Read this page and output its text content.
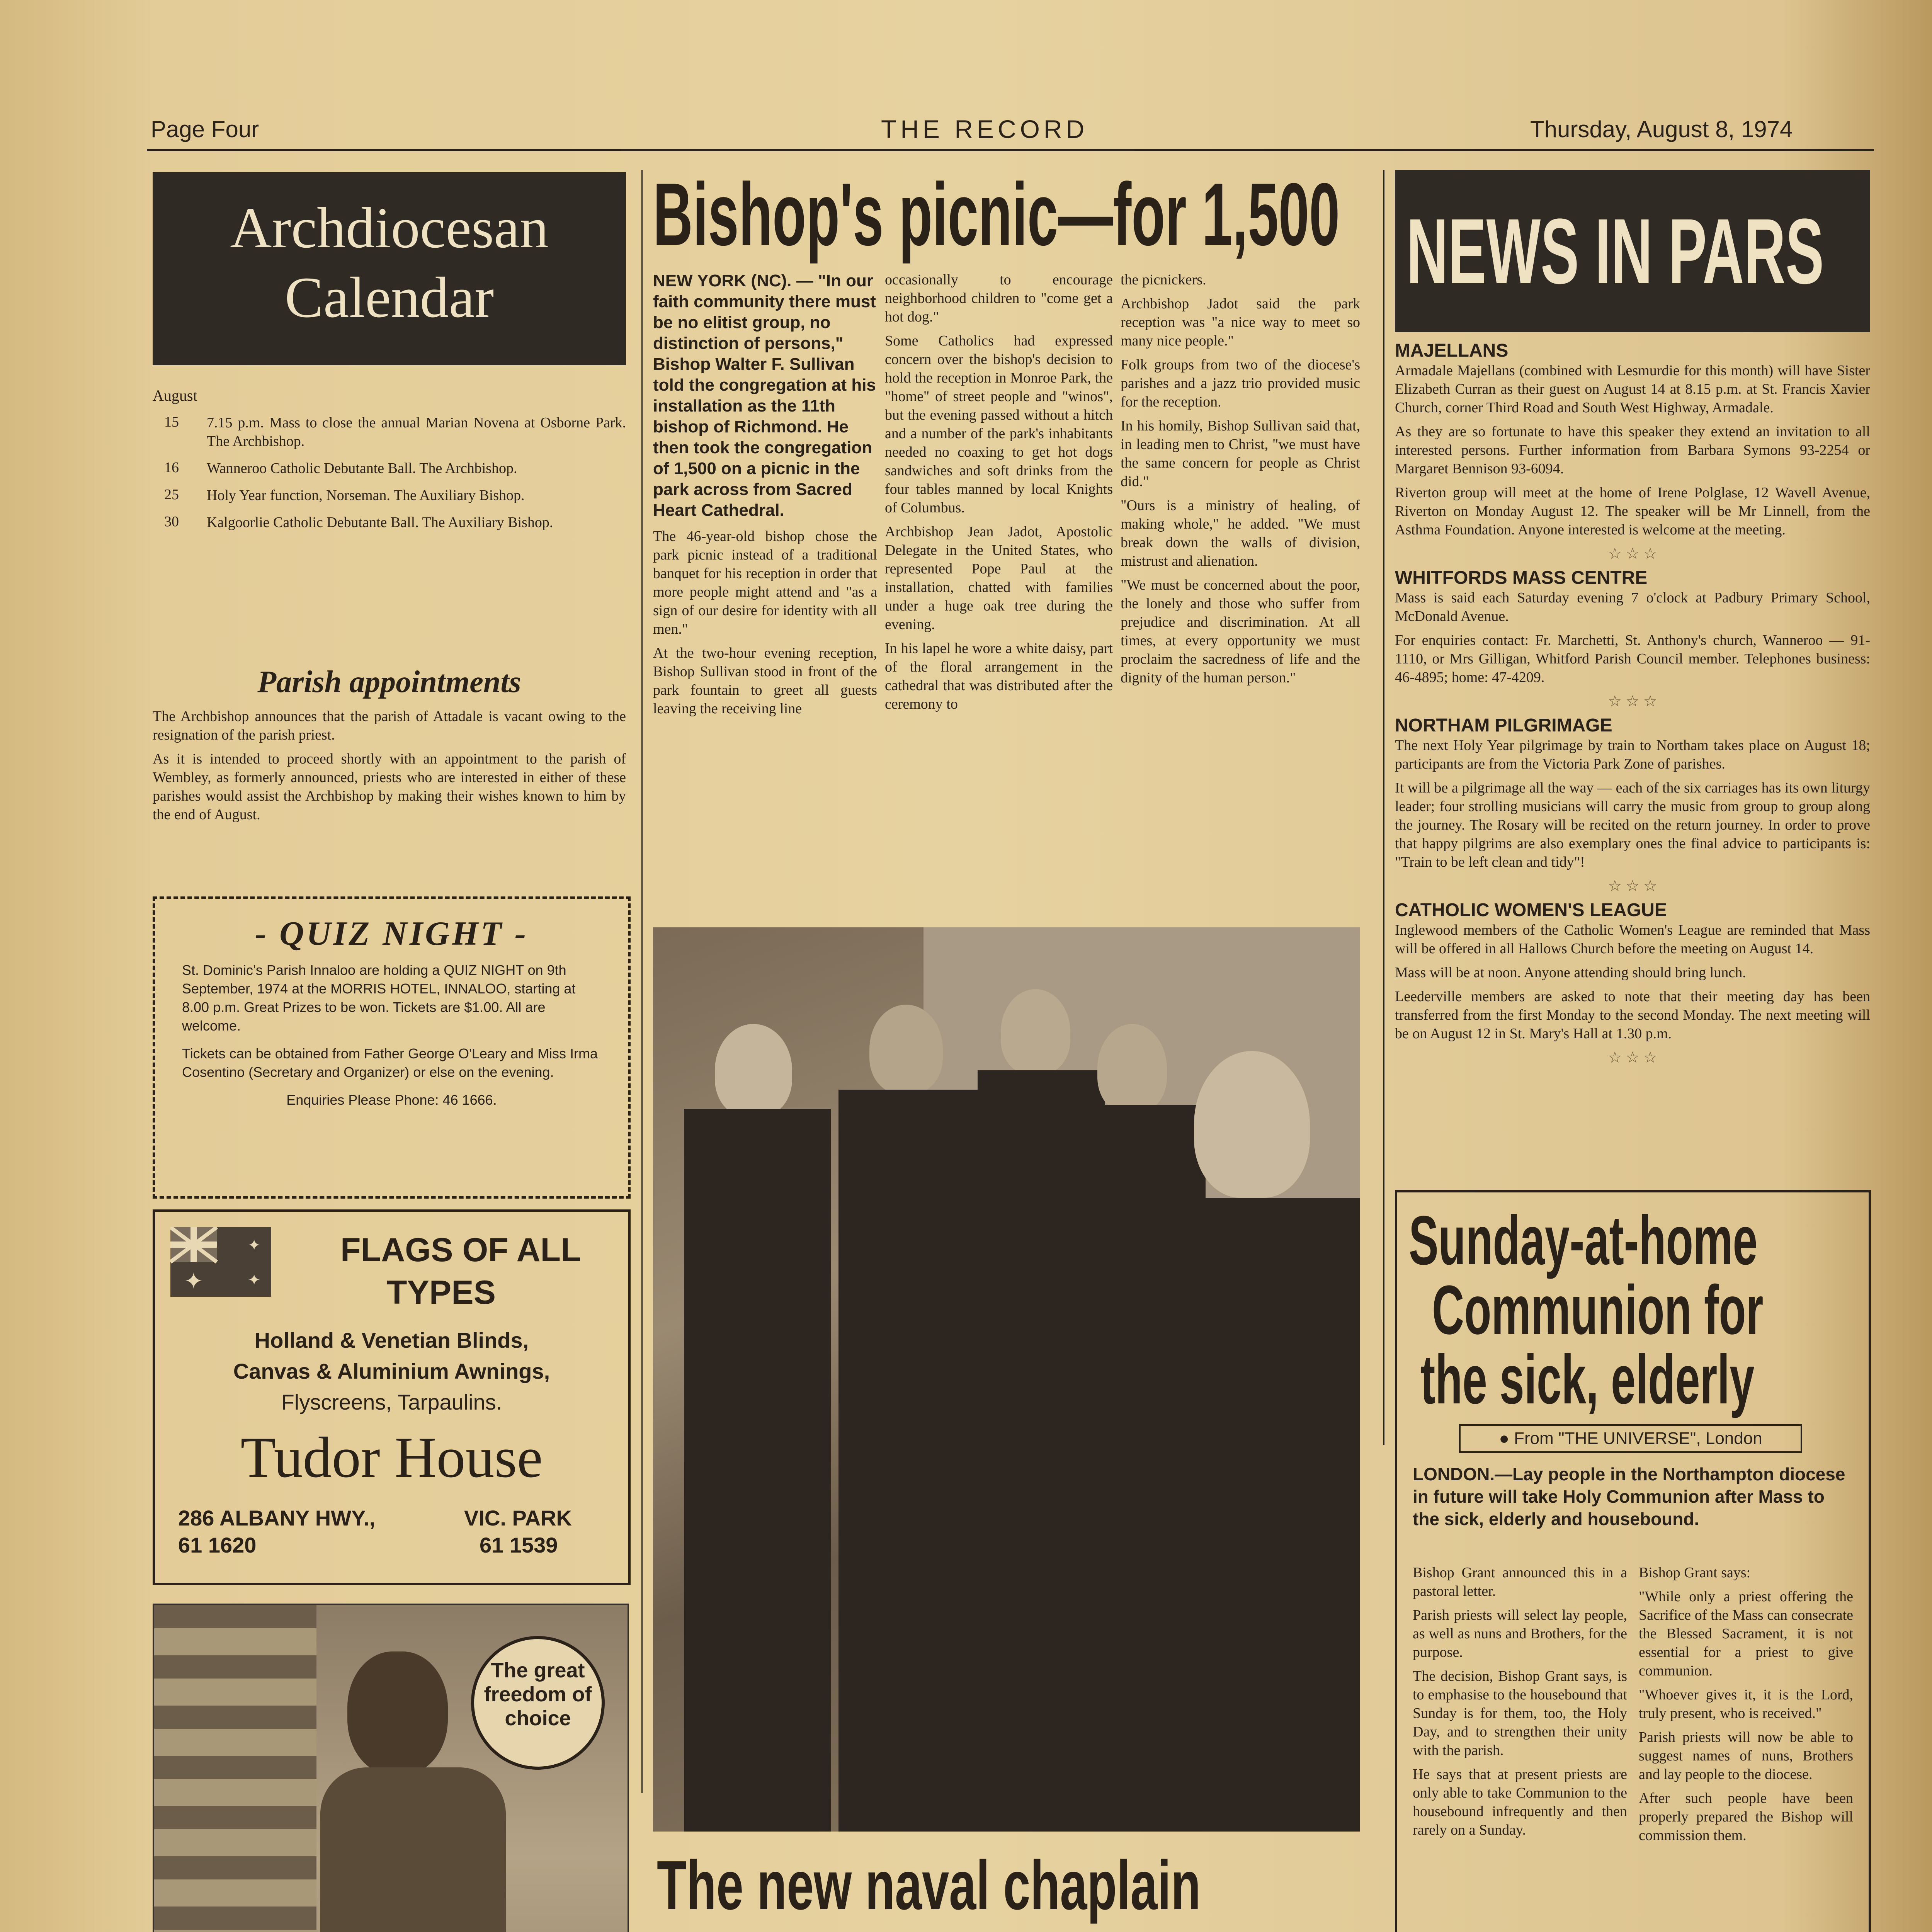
Page Four	THE RECORD	Thursday, August 8, 1974
Archdiocesan
Calendar
August
15	7.15 p.m. Mass to close the annual Marian Novena at Osborne Park. The Archbishop.
16	Wanneroo Catholic Debutante Ball. The Archbishop.
25	Holy Year function, Norseman. The Auxiliary Bishop.
30	Kalgoorlie Catholic Debutante Ball. The Auxiliary Bishop.
Parish appointments

The Archbishop announces that the parish of Attadale is vacant owing to the resignation of the parish priest.

As it is intended to proceed shortly with an appointment to the parish of Wembley, as formerly announced, priests who are interested in either of these parishes would assist the Archbishop by making their wishes known to him by the end of August.

- QUIZ NIGHT -

St. Dominic's Parish Innaloo are holding a QUIZ NIGHT on 9th September, 1974 at the MORRIS HOTEL, INNALOO, starting at 8.00 p.m. Great Prizes to be won. Tickets are $1.00. All are welcome.

Tickets can be obtained from Father George O'Leary and Miss Irma Cosentino (Secretary and Organizer) or else on the evening.

Enquiries Please Phone: 46 1666.

✦
✦
✦
FLAGS OF ALL
TYPES
Holland & Venetian Blinds,
Canvas & Aluminium Awnings,
Flyscreens, Tarpaulins.
Tudor House
286 ALBANY HWY.,
61 1620
VIC. PARK
61 1539
The great
freedom of
choice
Bishop's picnic—for 1,500

NEW YORK (NC). — "In our faith community there must be no elitist group, no distinction of persons," Bishop Walter F. Sullivan told the congregation at his installation as the 11th bishop of Richmond. He then took the congregation of 1,500 on a picnic in the park across from Sacred Heart Cathedral.

The 46-year-old bishop chose the park picnic instead of a traditional banquet for his reception in order that more people might attend and "as a sign of our desire for identity with all men."

At the two-hour evening reception, Bishop Sullivan stood in front of the park fountain to greet all guests leaving the receiving line

occasionally to encourage neighborhood children to "come get a hot dog."

Some Catholics had expressed concern over the bishop's decision to hold the reception in Monroe Park, the "home" of street people and "winos", but the evening passed without a hitch and a number of the park's inhabitants needed no coaxing to get hot dogs sandwiches and soft drinks from the four tables manned by local Knights of Columbus.

Archbishop Jean Jadot, Apostolic Delegate in the United States, who represented Pope Paul at the installation, chatted with families under a huge oak tree during the evening.

In his lapel he wore a white daisy, part of the floral arrangement in the cathedral that was distributed after the ceremony to

the picnickers.

Archbishop Jadot said the park reception was "a nice way to meet so many nice people."

Folk groups from two of the diocese's parishes and a jazz trio provided music for the reception.

In his homily, Bishop Sullivan said that, in leading men to Christ, "we must have the same concern for people as Christ did."

"Ours is a ministry of healing, of making whole," he added. "We must break down the walls of division, mistrust and alienation.

"We must be concerned about the poor, the lonely and those who suffer from prejudice and discrimination. At all times, at every opportunity we must proclaim the sacredness of life and the dignity of the human person."

The new naval chaplain

NEWS IN PARS
MAJELLANS

Armadale Majellans (combined with Lesmurdie for this month) will have Sister Elizabeth Curran as their guest on August 14 at 8.15 p.m. at St. Francis Xavier Church, corner Third Road and South West Highway, Armadale.

As they are so fortunate to have this speaker they extend an invitation to all interested persons. Further information from Barbara Symons 93-2254 or Margaret Bennison 93-6094.

Riverton group will meet at the home of Irene Polglase, 12 Wavell Avenue, Riverton on Monday August 12. The speaker will be Mr Linnell, from the Asthma Foundation. Anyone interested is welcome at the meeting.

☆ ☆ ☆
WHITFORDS MASS CENTRE

Mass is said each Saturday evening 7 o'clock at Padbury Primary School, McDonald Avenue.

For enquiries contact: Fr. Marchetti, St. Anthony's church, Wanneroo — 91-1110, or Mrs Gilligan, Whitford Parish Council member. Telephones business: 46-4895; home: 47-4209.

☆ ☆ ☆
NORTHAM PILGRIMAGE

The next Holy Year pilgrimage by train to Northam takes place on August 18; participants are from the Victoria Park Zone of parishes.

It will be a pilgrimage all the way — each of the six carriages has its own liturgy leader; four strolling musicians will carry the music from group to group along the journey. The Rosary will be recited on the return journey. In order to prove that happy pilgrims are also exemplary ones the final advice to participants is: "Train to be left clean and tidy"!

☆ ☆ ☆
CATHOLIC WOMEN'S LEAGUE

Inglewood members of the Catholic Women's League are reminded that Mass will be offered in all Hallows Church before the meeting on August 14.

Mass will be at noon. Anyone attending should bring lunch.

Leederville members are asked to note that their meeting day has been transferred from the first Monday to the second Monday. The next meeting will be on August 12 in St. Mary's Hall at 1.30 p.m.

☆ ☆ ☆
Sunday-at-home
Communion for
the sick, elderly
● From "THE UNIVERSE", London
LONDON.—Lay people in the Northampton diocese in future will take Holy Communion after Mass to the sick, elderly and housebound.

Bishop Grant announced this in a pastoral letter.

Parish priests will select lay people, as well as nuns and Brothers, for the purpose.

The decision, Bishop Grant says, is to emphasise to the housebound that Sunday is for them, too, the Holy Day, and to strengthen their unity with the parish.

He says that at present priests are only able to take Communion to the housebound infrequently and then rarely on a Sunday.

Bishop Grant says:

"While only a priest offering the Sacrifice of the Mass can consecrate the Blessed Sacrament, it is not essential for a priest to give communion.

"Whoever gives it, it is the Lord, truly present, who is received."

Parish priests will now be able to suggest names of nuns, Brothers and lay people to the diocese.

After such people have been properly prepared the Bishop will commission them.
